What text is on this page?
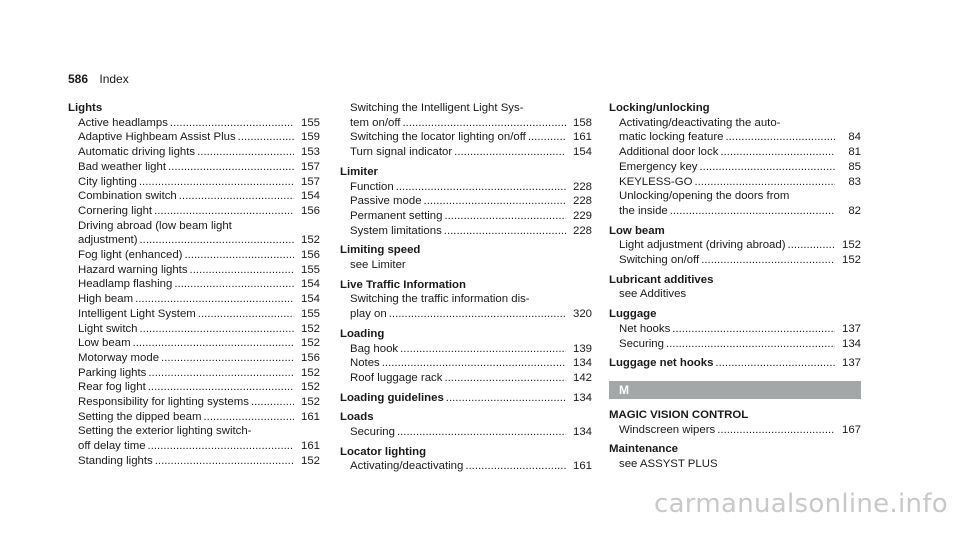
586 Index
Lights
Active headlamps .....	155
Adaptive Highbeam Assist Plus .....	159
Automatic driving lights .....	153
Bad weather light .....	157
City lighting .....	157
Combination switch .....	154
Cornering light .....	156
Driving abroad (low beam light
adjustment) .....	152
Fog light (enhanced) .....	156
Hazard warning lights .....	155
Headlamp flashing .....	154
High beam .....	154
Intelligent Light System .....	155
Light switch .....	152
Low beam .....	152
Motorway mode .....	156
Parking lights .....	152
Rear fog light .....	152
Responsibility for lighting systems .....	152
Setting the dipped beam .....	161
Setting the exterior lighting switch-
off delay time .....	161
Standing lights .....	152
Switching the Intelligent Light Sys-
tem on/off .....	158
Switching the locator lighting on/off .....	161
Turn signal indicator .....	154
Limiter
Function .....	228
Passive mode .....	228
Permanent setting .....	229
System limitations .....	228
Limiting speed
see Limiter
Live Traffic Information
Switching the traffic information dis-
play on .....	320
Loading
Bag hook .....	139
Notes .....	134
Roof luggage rack .....	142
Loading guidelines .....	134
Loads
Securing .....	134
Locator lighting
Activating/deactivating .....	161
Locking/unlocking
Activating/deactivating the auto-
matic locking feature .....	84
Additional door lock .....	81
Emergency key .....	85
KEYLESS-GO .....	83
Unlocking/opening the doors from
the inside .....	82
Low beam
Light adjustment (driving abroad) .....	152
Switching on/off .....	152
Lubricant additives
see Additives
Luggage
Net hooks .....	137
Securing .....	134
Luggage net hooks .....	137
M
MAGIC VISION CONTROL
Windscreen wipers .....	167
Maintenance
see ASSYST PLUS
carmanualsonline.info
